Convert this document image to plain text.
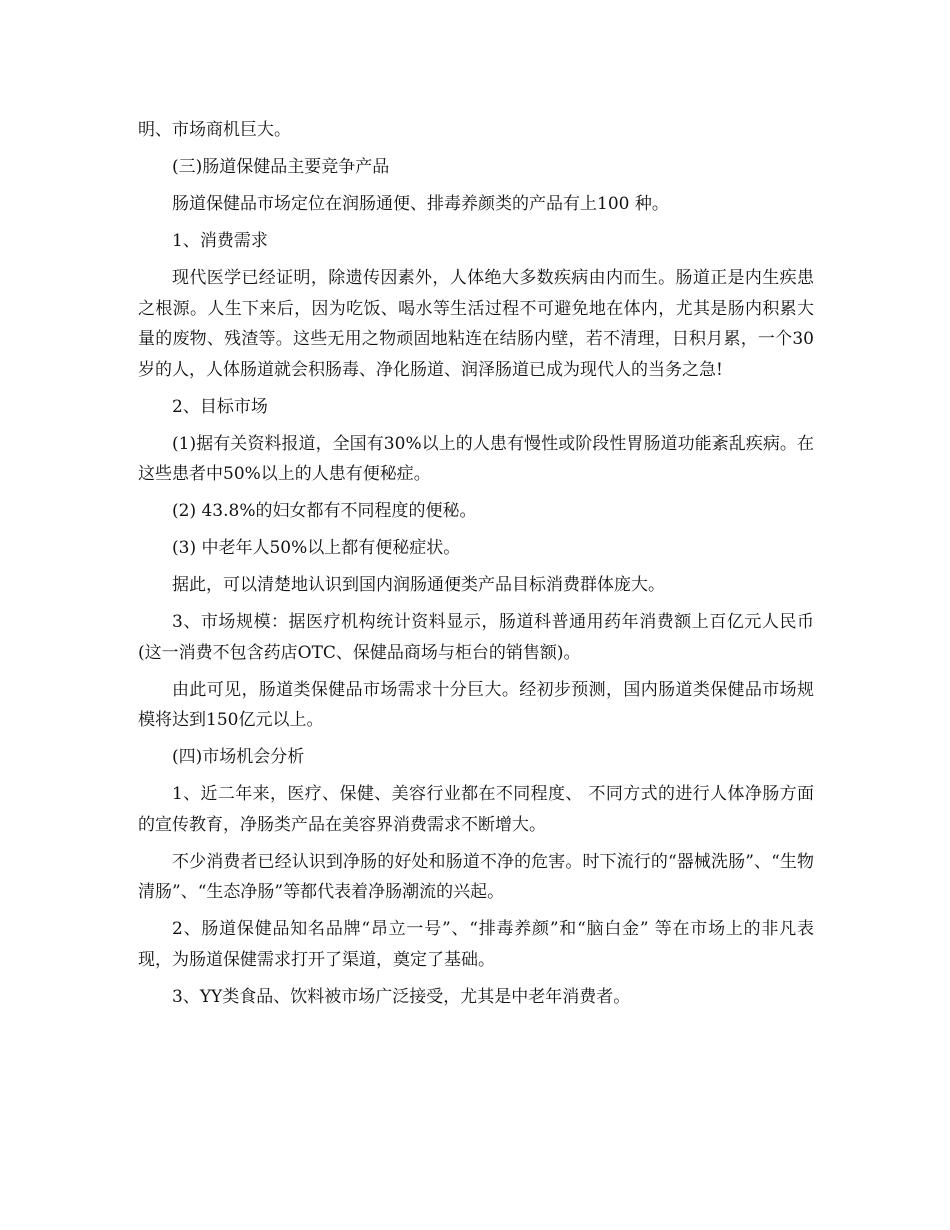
明、市场商机巨大。

(三)肠道保健品主要竞争产品

肠道保健品市场定位在润肠通便、排毒养颜类的产品有上100 种。

1、消费需求

现代医学已经证明，除遗传因素外，人体绝大多数疾病由内而生。肠道正是内生疾患之根源。人生下来后，因为吃饭、喝水等生活过程不可避免地在体内，尤其是肠内积累大量的废物、残渣等。这些无用之物顽固地粘连在结肠内壁，若不清理，日积月累，一个30岁的人，人体肠道就会积肠毒、净化肠道、润泽肠道已成为现代人的当务之急!

2、目标市场

(1)据有关资料报道，全国有30%以上的人患有慢性或阶段性胃肠道功能紊乱疾病。在这些患者中50%以上的人患有便秘症。

(2) 43.8%的妇女都有不同程度的便秘。

(3) 中老年人50%以上都有便秘症状。

据此，可以清楚地认识到国内润肠通便类产品目标消费群体庞大。

3、市场规模：据医疗机构统计资料显示，肠道科普通用药年消费额上百亿元人民币(这一消费不包含药店OTC、保健品商场与柜台的销售额)。

由此可见，肠道类保健品市场需求十分巨大。经初步预测，国内肠道类保健品市场规模将达到150亿元以上。

(四)市场机会分析

1、近二年来，医疗、保健、美容行业都在不同程度、 不同方式的进行人体净肠方面的宣传教育，净肠类产品在美容界消费需求不断增大。

不少消费者已经认识到净肠的好处和肠道不净的危害。时下流行的“器械洗肠”、“生物清肠”、“生态净肠”等都代表着净肠潮流的兴起。

2、肠道保健品知名品牌“昂立一号”、“排毒养颜”和“脑白金” 等在市场上的非凡表现，为肠道保健需求打开了渠道，奠定了基础。

3、YY类食品、饮料被市场广泛接受，尤其是中老年消费者。
